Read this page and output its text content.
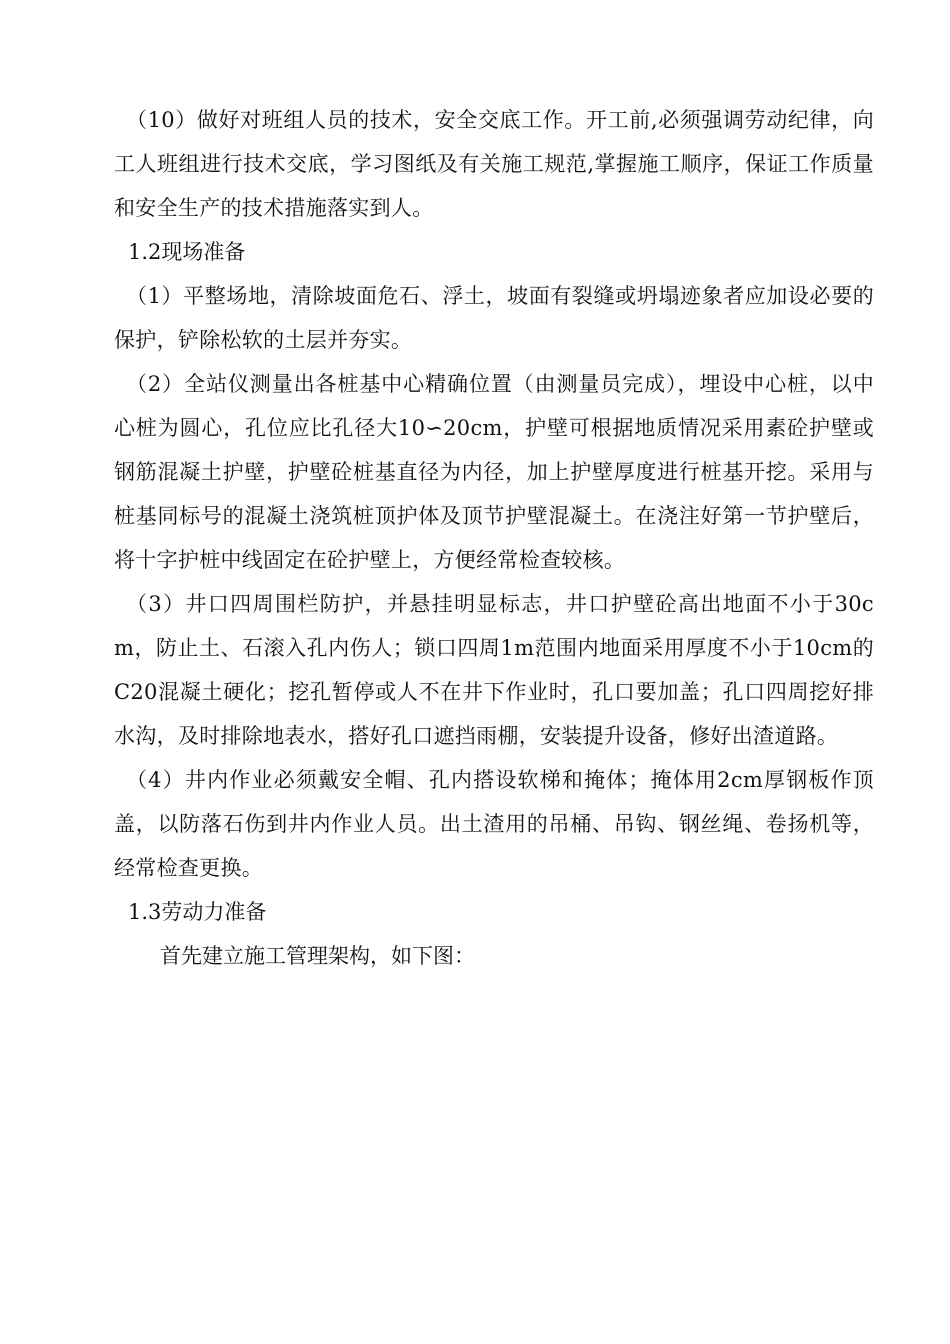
（10）做好对班组人员的技术，安全交底工作。开工前,必须强调劳动纪律，向工人班组进行技术交底，学习图纸及有关施工规范,掌握施工顺序，保证工作质量和安全生产的技术措施落实到人。

1.2现场准备

（1）平整场地，清除坡面危石、浮土，坡面有裂缝或坍塌迹象者应加设必要的保护，铲除松软的土层并夯实。

（2）全站仪测量出各桩基中心精确位置（由测量员完成），埋设中心桩，以中心桩为圆心，孔位应比孔径大10∽20cm，护壁可根据地质情况采用素砼护壁或钢筋混凝土护壁，护壁砼桩基直径为内径，加上护壁厚度进行桩基开挖。采用与桩基同标号的混凝土浇筑桩顶护体及顶节护壁混凝土。在浇注好第一节护壁后，将十字护桩中线固定在砼护壁上，方便经常检查较核。

（3）井口四周围栏防护，并悬挂明显标志，井口护壁砼高出地面不小于30cm，防止土、石滚入孔内伤人；锁口四周1m范围内地面采用厚度不小于10cm的C20混凝土硬化；挖孔暂停或人不在井下作业时，孔口要加盖；孔口四周挖好排水沟，及时排除地表水，搭好孔口遮挡雨棚，安装提升设备，修好出渣道路。

（4）井内作业必须戴安全帽、孔内搭设软梯和掩体；掩体用2cm厚钢板作顶盖，以防落石伤到井内作业人员。出土渣用的吊桶、吊钩、钢丝绳、卷扬机等，经常检查更换。

1.3劳动力准备

首先建立施工管理架构，如下图：
